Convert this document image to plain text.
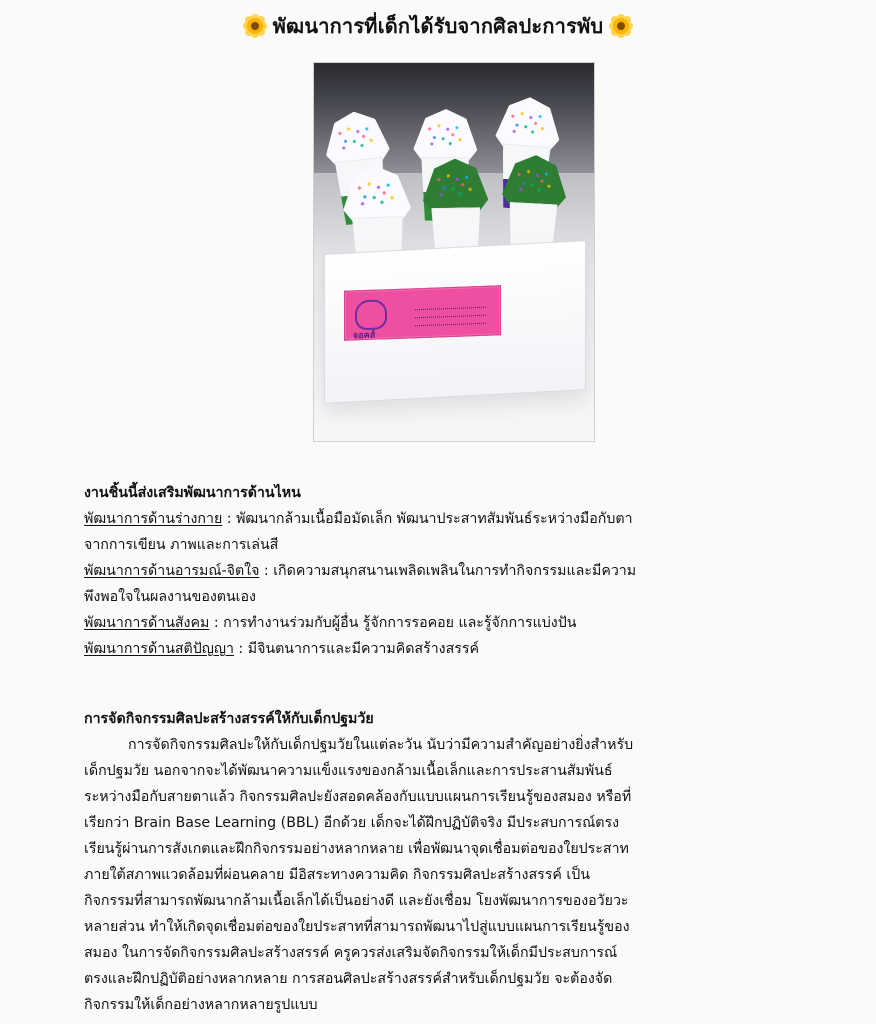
พัฒนาการที่เด็กได้รับจากศิลปะการพับ
จอคส์
งานชิ้นนี้ส่งเสริมพัฒนาการด้านไหน
พัฒนาการด้านร่างกาย : พัฒนากล้ามเนื้อมือมัดเล็ก พัฒนาประสาทสัมพันธ์ระหว่างมือกับตา
จากการเขียน ภาพและการเล่นสี
พัฒนาการด้านอารมณ์-จิตใจ : เกิดความสนุกสนานเพลิดเพลินในการทำกิจกรรมและมีความ
พึงพอใจในผลงานของตนเอง
พัฒนาการด้านสังคม : การทำงานร่วมกับผู้อื่น รู้จักการรอคอย และรู้จักการแบ่งปัน
พัฒนาการด้านสติปัญญา : มีจินตนาการและมีความคิดสร้างสรรค์
การจัดกิจกรรมศิลปะสร้างสรรค์ให้กับเด็กปฐมวัย
การจัดกิจกรรมศิลปะให้กับเด็กปฐมวัยในแต่ละวัน นับว่ามีความสำคัญอย่างยิ่งสำหรับ
เด็กปฐมวัย นอกจากจะได้พัฒนาความแข็งแรงของกล้ามเนื้อเล็กและการประสานสัมพันธ์
ระหว่างมือกับสายตาแล้ว กิจกรรมศิลปะยังสอดคล้องกับแบบแผนการเรียนรู้ของสมอง หรือที่
เรียกว่า Brain Base Learning (BBL) อีกด้วย เด็กจะได้ฝึกปฏิบัติจริง มีประสบการณ์ตรง
เรียนรู้ผ่านการสังเกตและฝึกกิจกรรมอย่างหลากหลาย เพื่อพัฒนาจุดเชื่อมต่อของใยประสาท
ภายใต้สภาพแวดล้อมที่ผ่อนคลาย มีอิสระทางความคิด กิจกรรมศิลปะสร้างสรรค์ เป็น
กิจกรรมที่สามารถพัฒนากล้ามเนื้อเล็กได้เป็นอย่างดี และยังเชื่อม โยงพัฒนาการของอวัยวะ
หลายส่วน ทำให้เกิดจุดเชื่อมต่อของใยประสาทที่สามารถพัฒนาไปสู่แบบแผนการเรียนรู้ของ
สมอง ในการจัดกิจกรรมศิลปะสร้างสรรค์ ครูควรส่งเสริมจัดกิจกรรมให้เด็กมีประสบการณ์
ตรงและฝึกปฏิบัติอย่างหลากหลาย การสอนศิลปะสร้างสรรค์สำหรับเด็กปฐมวัย จะต้องจัด
กิจกรรมให้เด็กอย่างหลากหลายรูปแบบ
